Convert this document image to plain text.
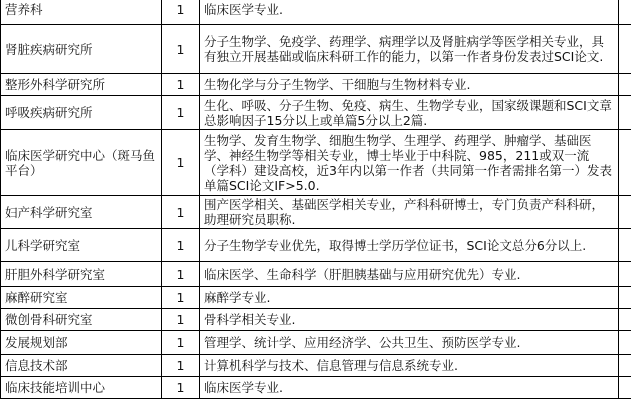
营养科	1	临床医学专业.	

肾脏疾病研究所	1	分子生物学、免疫学、药理学、病理学以及肾脏病学等医学相关专业，具有独立开展基础或临床科研工作的能力，以第一作者身份发表过SCI论文.	
整形外科学研究所	1	生物化学与分子生物学、干细胞与生物材料专业.	
呼吸疾病研究所	1	生化、呼吸、分子生物、免疫、病生、生物学专业，国家级课题和SCI文章总影响因子15分以上或单篇5分以上2篇.	
临床医学研究中心（斑马鱼平台）	1	生物学、发育生物学、细胞生物学、生理学、药理学、肿瘤学、基础医学、神经生物学等相关专业，博士毕业于中科院、985，211或双一流（学科）建设高校，近3年内以第一作者（共同第一作者需排名第一）发表单篇SCI论文IF>5.0.	
妇产科学研究室	1	围产医学相关、基础医学相关专业，产科科研博士，专门负责产科科研，助理研究员职称.	
儿科学研究室	1	分子生物学专业优先，取得博士学历学位证书，SCI论文总分6分以上.	
肝胆外科学研究室	1	临床医学、生命科学（肝胆胰基础与应用研究优先）专业.	
麻醉研究室	1	麻醉学专业.	
微创骨科研究室	1	骨科学相关专业.	
发展规划部	1	管理学、统计学、应用经济学、公共卫生、预防医学专业.	
信息技术部	1	计算机科学与技术、信息管理与信息系统专业.	
临床技能培训中心	1	临床医学专业.	
